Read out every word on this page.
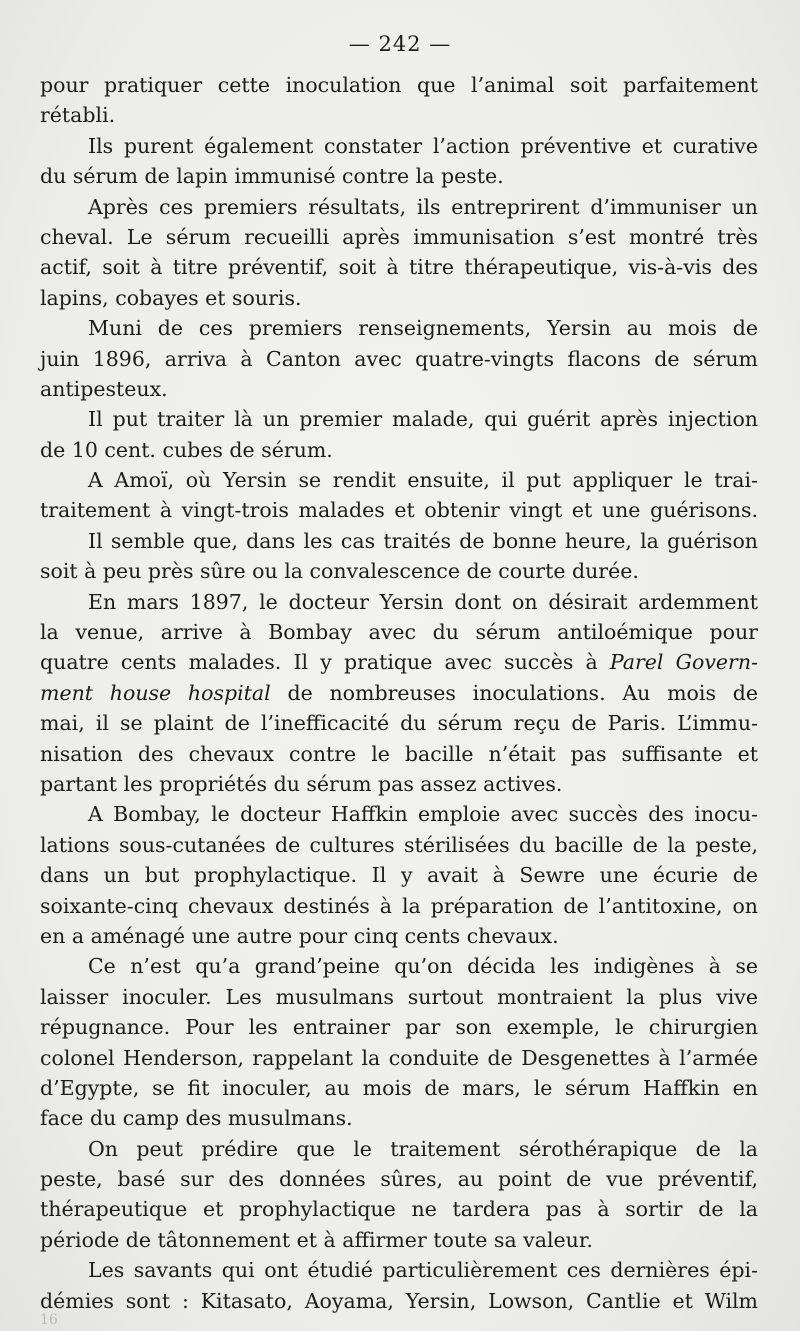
— 242 —
pour pratiquer cette inoculation que l’animal soit parfaitement
rétabli.
Ils purent également constater l’action préventive et curative
du sérum de lapin immunisé contre la peste.
Après ces premiers résultats, ils entreprirent d’immuniser un
cheval. Le sérum recueilli après immunisation s’est montré très
actif, soit à titre préventif, soit à titre thérapeutique, vis-à-vis des
lapins, cobayes et souris.
Muni de ces premiers renseignements, Yersin au mois de
juin 1896, arriva à Canton avec quatre-vingts flacons de sérum
antipesteux.
Il put traiter là un premier malade, qui guérit après injection
de 10 cent. cubes de sérum.
A Amoï, où Yersin se rendit ensuite, il put appliquer le trai-
traitement à vingt-trois malades et obtenir vingt et une guérisons.
Il semble que, dans les cas traités de bonne heure, la guérison
soit à peu près sûre ou la convalescence de courte durée.
En mars 1897, le docteur Yersin dont on désirait ardemment
la venue, arrive à Bombay avec du sérum antiloémique pour
quatre cents malades. Il y pratique avec succès à Parel Govern-
ment house hospital de nombreuses inoculations. Au mois de
mai, il se plaint de l’inefficacité du sérum reçu de Paris. L’immu-
nisation des chevaux contre le bacille n’était pas suffisante et
partant les propriétés du sérum pas assez actives.
A Bombay, le docteur Haffkin emploie avec succès des inocu-
lations sous-cutanées de cultures stérilisées du bacille de la peste,
dans un but prophylactique. Il y avait à Sewre une écurie de
soixante-cinq chevaux destinés à la préparation de l’antitoxine, on
en a aménagé une autre pour cinq cents chevaux.
Ce n’est qu’a grand’peine qu’on décida les indigènes à se
laisser inoculer. Les musulmans surtout montraient la plus vive
répugnance. Pour les entrainer par son exemple, le chirurgien
colonel Henderson, rappelant la conduite de Desgenettes à l’armée
d’Egypte, se fit inoculer, au mois de mars, le sérum Haffkin en
face du camp des musulmans.
On peut prédire que le traitement sérothérapique de la
peste, basé sur des données sûres, au point de vue préventif,
thérapeutique et prophylactique ne tardera pas à sortir de la
période de tâtonnement et à affirmer toute sa valeur.
Les savants qui ont étudié particulièrement ces dernières épi-
démies sont : Kitasato, Aoyama, Yersin, Lowson, Cantlie et Wilm
16
